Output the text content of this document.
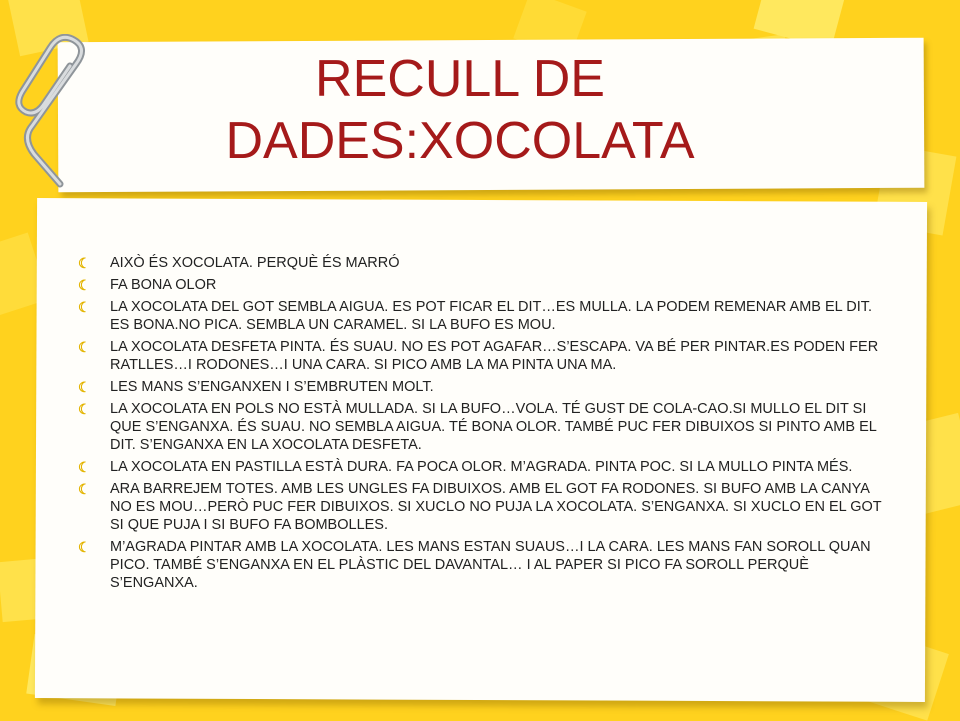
RECULL DE
DADES:XOCOLATA
☾ AIXÒ ÉS XOCOLATA. PERQUÈ ÉS MARRÓ
☾ FA BONA OLOR
☾ LA XOCOLATA DEL GOT SEMBLA AIGUA. ES POT FICAR EL DIT…ES MULLA. LA PODEM REMENAR AMB EL DIT. ES BONA.NO PICA. SEMBLA UN CARAMEL. SI LA BUFO ES MOU.
☾ LA XOCOLATA DESFETA PINTA. ÉS SUAU. NO ES POT AGAFAR…S’ESCAPA. VA BÉ PER PINTAR.ES PODEN FER RATLLES…I RODONES…I UNA CARA. SI PICO AMB LA MA PINTA UNA MA.
☾ LES MANS S’ENGANXEN I S’EMBRUTEN MOLT.
☾ LA XOCOLATA EN POLS NO ESTÀ MULLADA. SI LA BUFO…VOLA. TÉ GUST DE COLA-CAO.SI MULLO EL DIT SI QUE S’ENGANXA. ÉS SUAU. NO SEMBLA AIGUA. TÉ BONA OLOR. TAMBÉ PUC FER DIBUIXOS SI PINTO AMB EL DIT. S’ENGANXA EN LA XOCOLATA DESFETA.
☾ LA XOCOLATA EN PASTILLA ESTÀ DURA. FA POCA OLOR. M’AGRADA. PINTA POC. SI LA MULLO PINTA MÉS.
☾ ARA BARREJEM TOTES. AMB LES UNGLES FA DIBUIXOS. AMB EL GOT FA RODONES. SI BUFO AMB LA CANYA NO ES MOU…PERÒ PUC FER DIBUIXOS. SI XUCLO NO PUJA LA XOCOLATA. S’ENGANXA. SI XUCLO EN EL GOT SI QUE PUJA I SI BUFO FA BOMBOLLES.
☾ M’AGRADA PINTAR AMB LA XOCOLATA. LES MANS ESTAN SUAUS…I LA CARA. LES MANS FAN SOROLL QUAN PICO. TAMBÉ S’ENGANXA EN EL PLÀSTIC DEL DAVANTAL… I AL PAPER SI PICO FA SOROLL PERQUÈ S’ENGANXA.
